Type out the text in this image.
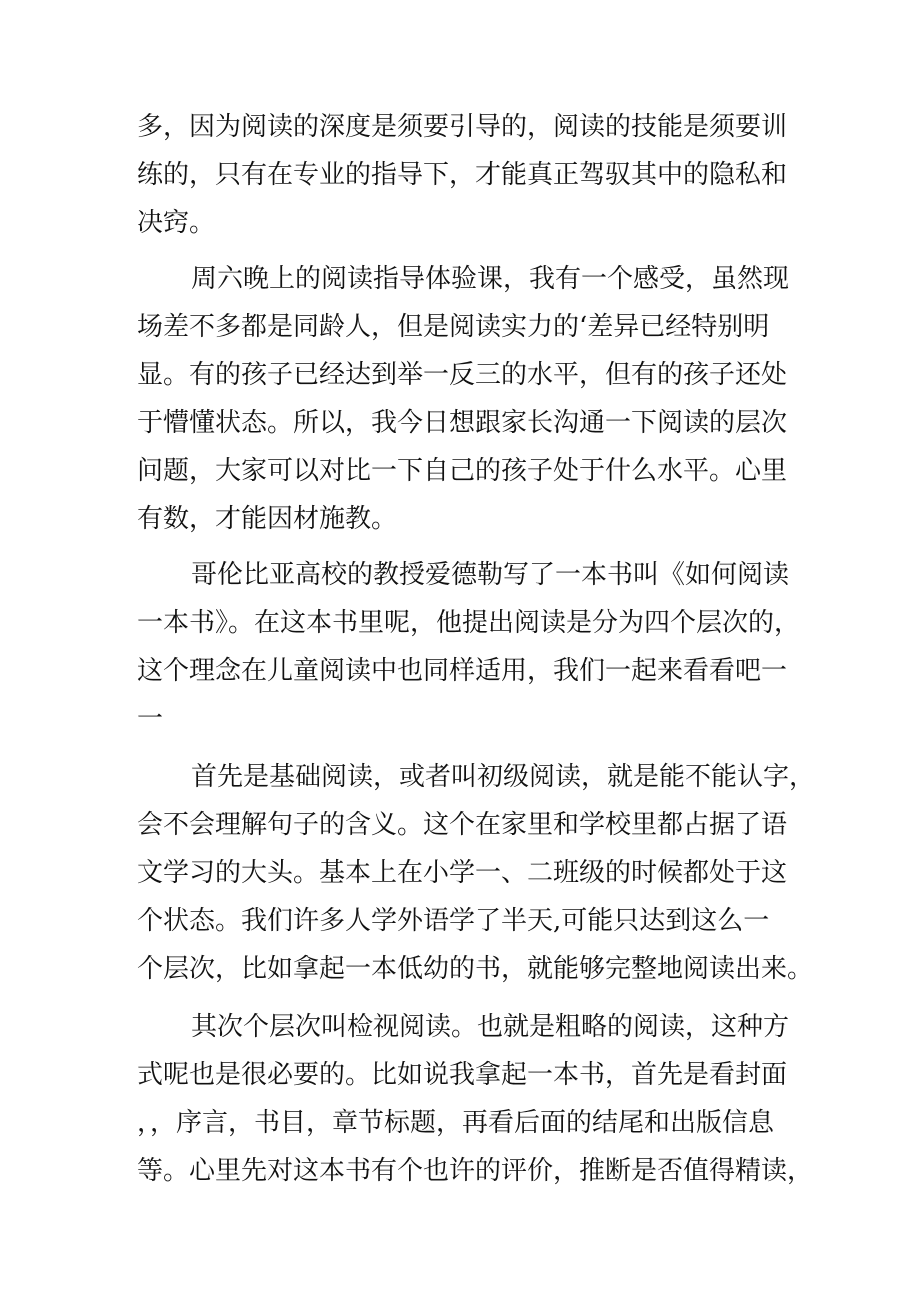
多，因为阅读的深度是须要引导的，阅读的技能是须要训
练的，只有在专业的指导下，才能真正驾驭其中的隐私和
决窍。
周六晚上的阅读指导体验课，我有一个感受，虽然现
场差不多都是同龄人，但是阅读实力的‘差异已经特别明
显。有的孩子已经达到举一反三的水平，但有的孩子还处
于懵懂状态。所以，我今日想跟家长沟通一下阅读的层次
问题，大家可以对比一下自己的孩子处于什么水平。心里
有数，才能因材施教。
哥伦比亚高校的教授爱德勒写了一本书叫《如何阅读
一本书》。在这本书里呢，他提出阅读是分为四个层次的，
这个理念在儿童阅读中也同样适用，我们一起来看看吧一
一
首先是基础阅读，或者叫初级阅读，就是能不能认字，
会不会理解句子的含义。这个在家里和学校里都占据了语
文学习的大头。基本上在小学一、二班级的时候都处于这
个状态。我们许多人学外语学了半天,可能只达到这么一
个层次，比如拿起一本低幼的书，就能够完整地阅读出来。
其次个层次叫检视阅读。也就是粗略的阅读，这种方
式呢也是很必要的。比如说我拿起一本书，首先是看封面
，，序言，书目，章节标题，再看后面的结尾和出版信息
等。心里先对这本书有个也许的评价，推断是否值得精读，
